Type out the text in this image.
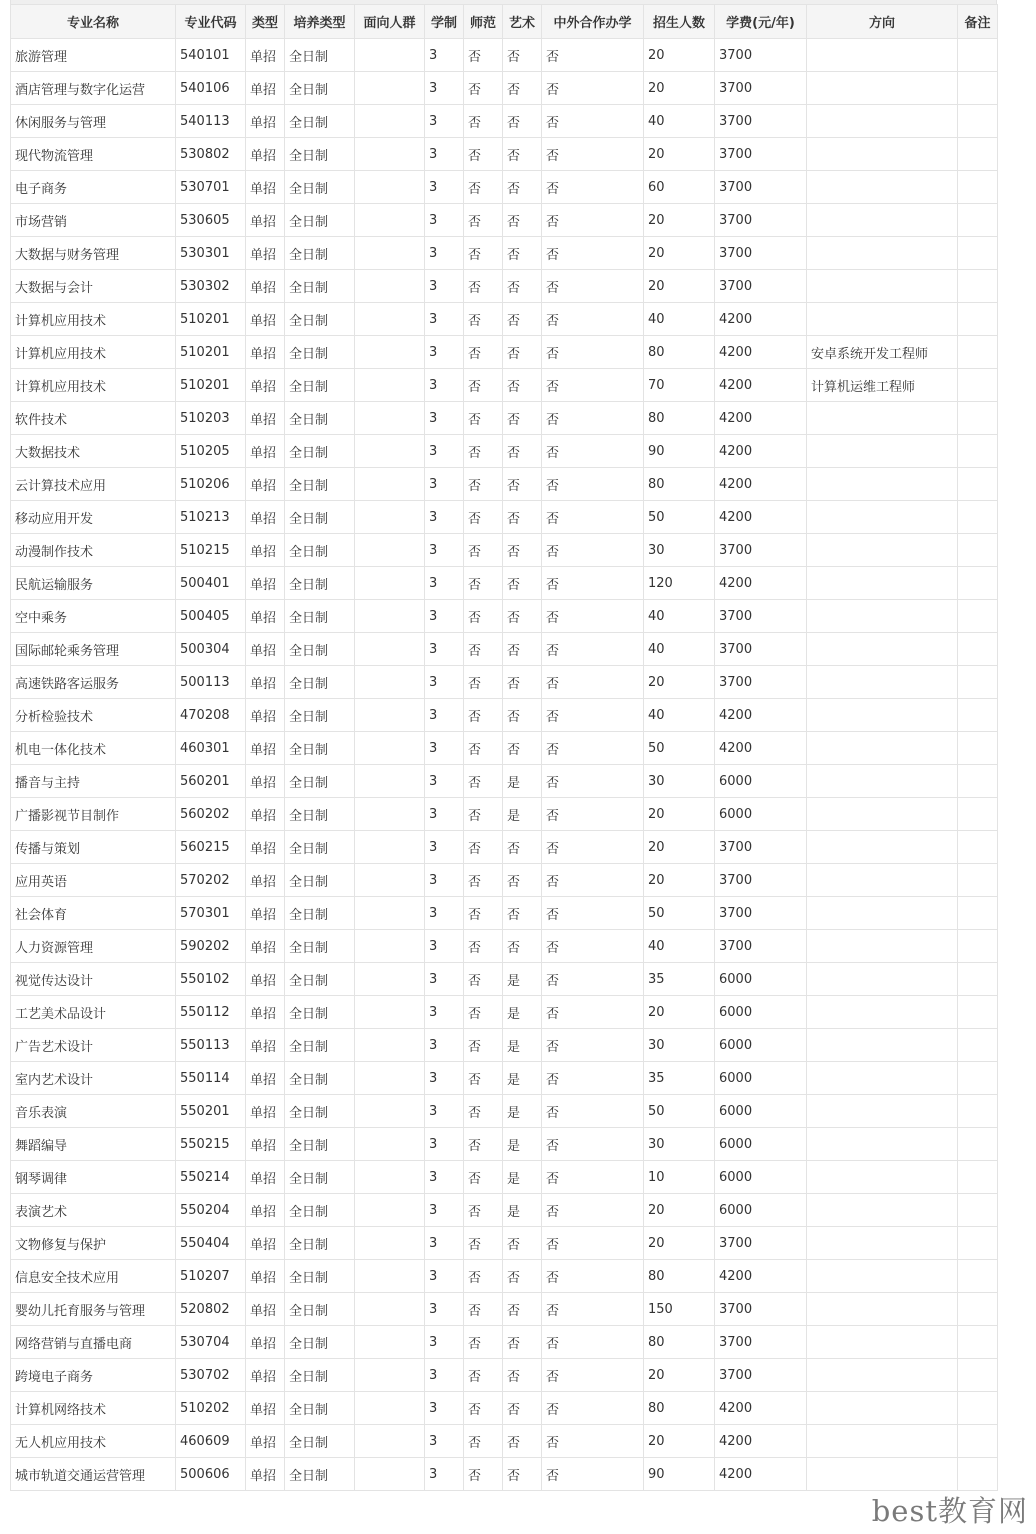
专业名称	专业代码	类型	培养类型	面向人群	学制	师范	艺术	中外合作办学	招生人数	学费(元/年)	方向	备注
旅游管理	540101	单招	全日制		3	否	否	否	20	3700		
酒店管理与数字化运营	540106	单招	全日制		3	否	否	否	20	3700		
休闲服务与管理	540113	单招	全日制		3	否	否	否	40	3700		
现代物流管理	530802	单招	全日制		3	否	否	否	20	3700		
电子商务	530701	单招	全日制		3	否	否	否	60	3700		
市场营销	530605	单招	全日制		3	否	否	否	20	3700		
大数据与财务管理	530301	单招	全日制		3	否	否	否	20	3700		
大数据与会计	530302	单招	全日制		3	否	否	否	20	3700		
计算机应用技术	510201	单招	全日制		3	否	否	否	40	4200		
计算机应用技术	510201	单招	全日制		3	否	否	否	80	4200	安卓系统开发工程师	
计算机应用技术	510201	单招	全日制		3	否	否	否	70	4200	计算机运维工程师	
软件技术	510203	单招	全日制		3	否	否	否	80	4200		
大数据技术	510205	单招	全日制		3	否	否	否	90	4200		
云计算技术应用	510206	单招	全日制		3	否	否	否	80	4200		
移动应用开发	510213	单招	全日制		3	否	否	否	50	4200		
动漫制作技术	510215	单招	全日制		3	否	否	否	30	3700		
民航运输服务	500401	单招	全日制		3	否	否	否	120	4200		
空中乘务	500405	单招	全日制		3	否	否	否	40	3700		
国际邮轮乘务管理	500304	单招	全日制		3	否	否	否	40	3700		
高速铁路客运服务	500113	单招	全日制		3	否	否	否	20	3700		
分析检验技术	470208	单招	全日制		3	否	否	否	40	4200		
机电一体化技术	460301	单招	全日制		3	否	否	否	50	4200		
播音与主持	560201	单招	全日制		3	否	是	否	30	6000		
广播影视节目制作	560202	单招	全日制		3	否	是	否	20	6000		
传播与策划	560215	单招	全日制		3	否	否	否	20	3700		
应用英语	570202	单招	全日制		3	否	否	否	20	3700		
社会体育	570301	单招	全日制		3	否	否	否	50	3700		
人力资源管理	590202	单招	全日制		3	否	否	否	40	3700		
视觉传达设计	550102	单招	全日制		3	否	是	否	35	6000		
工艺美术品设计	550112	单招	全日制		3	否	是	否	20	6000		
广告艺术设计	550113	单招	全日制		3	否	是	否	30	6000		
室内艺术设计	550114	单招	全日制		3	否	是	否	35	6000		
音乐表演	550201	单招	全日制		3	否	是	否	50	6000		
舞蹈编导	550215	单招	全日制		3	否	是	否	30	6000		
钢琴调律	550214	单招	全日制		3	否	是	否	10	6000		
表演艺术	550204	单招	全日制		3	否	是	否	20	6000		
文物修复与保护	550404	单招	全日制		3	否	否	否	20	3700		
信息安全技术应用	510207	单招	全日制		3	否	否	否	80	4200		
婴幼儿托育服务与管理	520802	单招	全日制		3	否	否	否	150	3700		
网络营销与直播电商	530704	单招	全日制		3	否	否	否	80	3700		
跨境电子商务	530702	单招	全日制		3	否	否	否	20	3700		
计算机网络技术	510202	单招	全日制		3	否	否	否	80	4200		
无人机应用技术	460609	单招	全日制		3	否	否	否	20	4200		
城市轨道交通运营管理	500606	单招	全日制		3	否	否	否	90	4200		
best教育网
